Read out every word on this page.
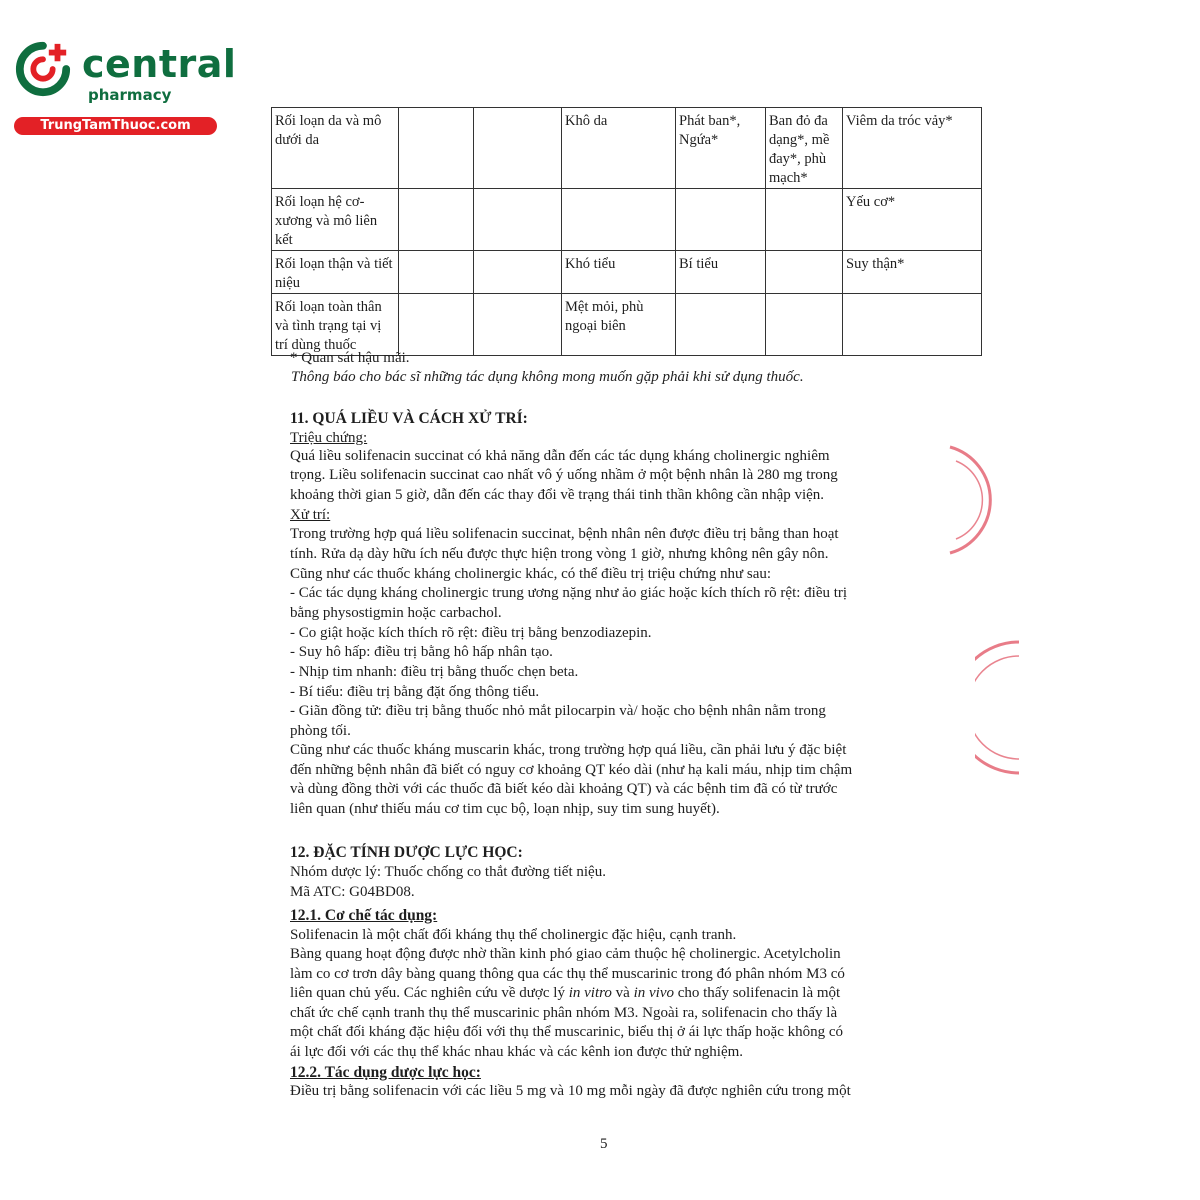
central
pharmacy
TrungTamThuoc.com	Rối loạn da và mô dưới da			Khô da	Phát ban*, Ngứa*	Ban đỏ đa dạng*, mề đay*, phù mạch*	Viêm da tróc vảy*
Rối loạn hệ cơ-xương và mô liên kết						Yếu cơ*
Rối loạn thận và tiết niệu			Khó tiểu	Bí tiểu		Suy thận*
Rối loạn toàn thân và tình trạng tại vị trí dùng thuốc			Mệt mỏi, phù ngoại biên			
* Quan sát hậu mãi.
Thông báo cho bác sĩ những tác dụng không mong muốn gặp phải khi sử dụng thuốc.
11. QUÁ LIỀU VÀ CÁCH XỬ TRÍ:
Triệu chứng:
Quá liều solifenacin succinat có khả năng dẫn đến các tác dụng kháng cholinergic nghiêm
trọng. Liều solifenacin succinat cao nhất vô ý uống nhầm ở một bệnh nhân là 280 mg trong
khoảng thời gian 5 giờ, dẫn đến các thay đổi về trạng thái tinh thần không cần nhập viện.
Xử trí:
Trong trường hợp quá liều solifenacin succinat, bệnh nhân nên được điều trị bằng than hoạt
tính. Rửa dạ dày hữu ích nếu được thực hiện trong vòng 1 giờ, nhưng không nên gây nôn.
Cũng như các thuốc kháng cholinergic khác, có thể điều trị triệu chứng như sau:
- Các tác dụng kháng cholinergic trung ương nặng như ảo giác hoặc kích thích rõ rệt: điều trị
bằng physostigmin hoặc carbachol.
- Co giật hoặc kích thích rõ rệt: điều trị bằng benzodiazepin.
- Suy hô hấp: điều trị bằng hô hấp nhân tạo.
- Nhịp tim nhanh: điều trị bằng thuốc chẹn beta.
- Bí tiểu: điều trị bằng đặt ống thông tiểu.
- Giãn đồng tử: điều trị bằng thuốc nhỏ mắt pilocarpin và/ hoặc cho bệnh nhân nằm trong
phòng tối.
Cũng như các thuốc kháng muscarin khác, trong trường hợp quá liều, cần phải lưu ý đặc biệt
đến những bệnh nhân đã biết có nguy cơ khoảng QT kéo dài (như hạ kali máu, nhịp tim chậm
và dùng đồng thời với các thuốc đã biết kéo dài khoảng QT) và các bệnh tim đã có từ trước
liên quan (như thiếu máu cơ tim cục bộ, loạn nhịp, suy tim sung huyết).
12. ĐẶC TÍNH DƯỢC LỰC HỌC:
Nhóm dược lý: Thuốc chống co thắt đường tiết niệu.
Mã ATC: G04BD08.
12.1. Cơ chế tác dụng:
Solifenacin là một chất đối kháng thụ thể cholinergic đặc hiệu, cạnh tranh.
Bàng quang hoạt động được nhờ thần kinh phó giao cảm thuộc hệ cholinergic. Acetylcholin
làm co cơ trơn dây bàng quang thông qua các thụ thể muscarinic trong đó phân nhóm M3 có
liên quan chủ yếu. Các nghiên cứu về dược lý in vitro và in vivo cho thấy solifenacin là một
chất ức chế cạnh tranh thụ thể muscarinic phân nhóm M3. Ngoài ra, solifenacin cho thấy là
một chất đối kháng đặc hiệu đối với thụ thể muscarinic, biểu thị ở ái lực thấp hoặc không có
ái lực đối với các thụ thể khác nhau khác và các kênh ion được thử nghiệm.
12.2. Tác dụng dược lực học:
Điều trị bằng solifenacin với các liều 5 mg và 10 mg mỗi ngày đã được nghiên cứu trong một
5
